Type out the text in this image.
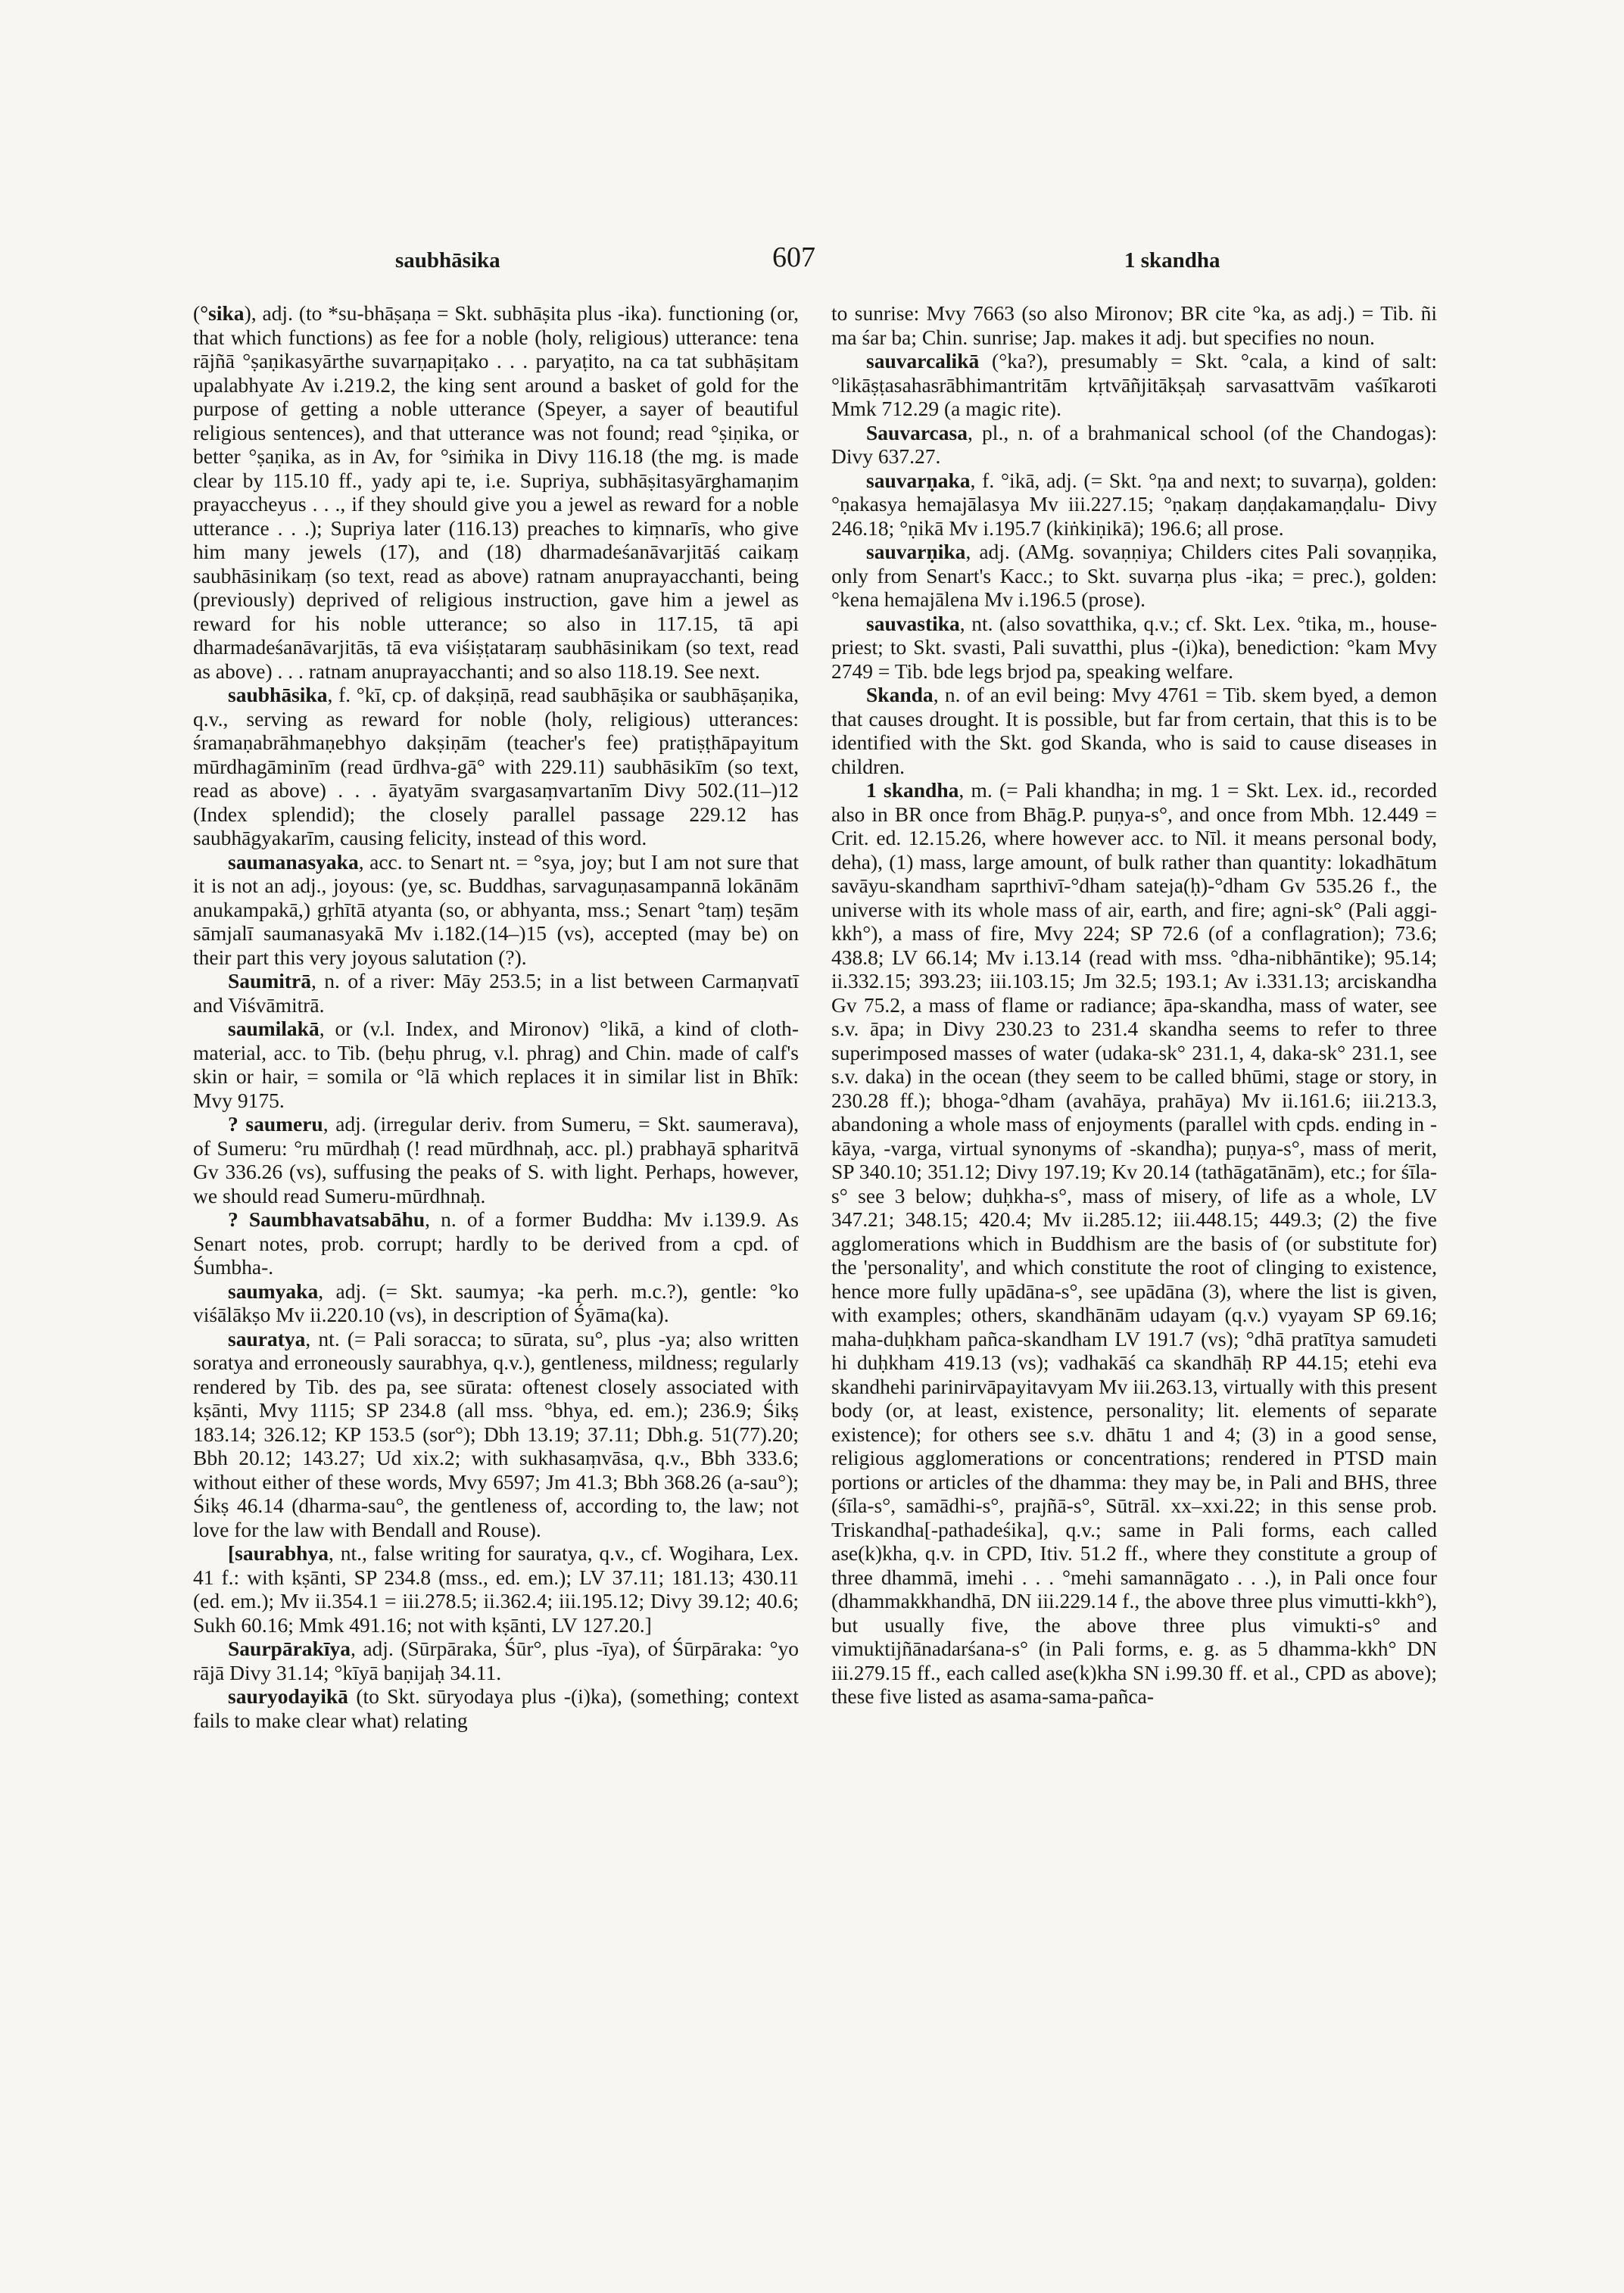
saubhāsika	607	1 skandha

(°sika), adj. (to *su-bhāṣaṇa = Skt. subhāṣita plus -ika). functioning (or, that which functions) as fee for a noble (holy, religious) utterance: tena rājñā °ṣaṇikasyārthe suvarṇapiṭako . . . paryaṭito, na ca tat subhāṣitam upalabhyate Av i.219.2, the king sent around a basket of gold for the purpose of getting a noble utterance (Speyer, a sayer of beautiful religious sentences), and that utterance was not found; read °ṣiṇika, or better °ṣaṇika, as in Av, for °siṁika in Divy 116.18 (the mg. is made clear by 115.10 ff., yady api te, i.e. Supriya, subhāṣitasyārghamaṇim prayaccheyus . . ., if they should give you a jewel as reward for a noble utterance . . .); Supriya later (116.13) preaches to kiṃnarīs, who give him many jewels (17), and (18) dharmadeśanāvarjitāś caikaṃ saubhāsinikaṃ (so text, read as above) ratnam anuprayacchanti, being (previously) deprived of religious instruction, gave him a jewel as reward for his noble utterance; so also in 117.15, tā api dharmadeśanāvarjitās, tā eva viśiṣṭataraṃ saubhāsinikam (so text, read as above) . . . ratnam anuprayacchanti; and so also 118.19. See next.

saubhāsika, f. °kī, cp. of dakṣiṇā, read saubhāṣika or saubhāṣaṇika, q.v., serving as reward for noble (holy, religious) utterances: śramaṇabrāhmaṇebhyo dakṣiṇām (teacher's fee) pratiṣṭhāpayitum mūrdhagāminīm (read ūrdhva-gā° with 229.11) saubhāsikīm (so text, read as above) . . . āyatyām svargasaṃvartanīm Divy 502.(11–)12 (Index splendid); the closely parallel passage 229.12 has saubhāgyakarīm, causing felicity, instead of this word.

saumanasyaka, acc. to Senart nt. = °sya, joy; but I am not sure that it is not an adj., joyous: (ye, sc. Buddhas, sarvaguṇasampannā lokānām anukampakā,) gṛhītā atyanta (so, or abhyanta, mss.; Senart °taṃ) teṣām sāmjalī saumanasyakā Mv i.182.(14–)15 (vs), accepted (may be) on their part this very joyous salutation (?).

Saumitrā, n. of a river: Māy 253.5; in a list between Carmaṇvatī and Viśvāmitrā.

saumilakā, or (v.l. Index, and Mironov) °likā, a kind of cloth-material, acc. to Tib. (beḥu phrug, v.l. phrag) and Chin. made of calf's skin or hair, = somila or °lā which replaces it in similar list in Bhīk: Mvy 9175.

? saumeru, adj. (irregular deriv. from Sumeru, = Skt. saumerava), of Sumeru: °ru mūrdhaḥ (! read mūrdhnaḥ, acc. pl.) prabhayā spharitvā Gv 336.26 (vs), suffusing the peaks of S. with light. Perhaps, however, we should read Sumeru-mūrdhnaḥ.

? Saumbhavatsabāhu, n. of a former Buddha: Mv i.139.9. As Senart notes, prob. corrupt; hardly to be derived from a cpd. of Śumbha-.

saumyaka, adj. (= Skt. saumya; -ka perh. m.c.?), gentle: °ko viśālākṣo Mv ii.220.10 (vs), in description of Śyāma(ka).

sauratya, nt. (= Pali soracca; to sūrata, su°, plus -ya; also written soratya and erroneously saurabhya, q.v.), gentleness, mildness; regularly rendered by Tib. des pa, see sūrata: oftenest closely associated with kṣānti, Mvy 1115; SP 234.8 (all mss. °bhya, ed. em.); 236.9; Śikṣ 183.14; 326.12; KP 153.5 (sor°); Dbh 13.19; 37.11; Dbh.g. 51(77).20; Bbh 20.12; 143.27; Ud xix.2; with sukhasaṃvāsa, q.v., Bbh 333.6; without either of these words, Mvy 6597; Jm 41.3; Bbh 368.26 (a-sau°); Śikṣ 46.14 (dharma-sau°, the gentleness of, according to, the law; not love for the law with Bendall and Rouse).

[saurabhya, nt., false writing for sauratya, q.v., cf. Wogihara, Lex. 41 f.: with kṣānti, SP 234.8 (mss., ed. em.); LV 37.11; 181.13; 430.11 (ed. em.); Mv ii.354.1 = iii.278.5; ii.362.4; iii.195.12; Divy 39.12; 40.6; Sukh 60.16; Mmk 491.16; not with kṣānti, LV 127.20.]

Saurpārakīya, adj. (Sūrpāraka, Śūr°, plus -īya), of Śūrpāraka: °yo rājā Divy 31.14; °kīyā baṇijaḥ 34.11.

sauryodayikā (to Skt. sūryodaya plus -(i)ka), (something; context fails to make clear what) relating

to sunrise: Mvy 7663 (so also Mironov; BR cite °ka, as adj.) = Tib. ñi ma śar ba; Chin. sunrise; Jap. makes it adj. but specifies no noun.

sauvarcalikā (°ka?), presumably = Skt. °cala, a kind of salt: °likāṣṭasahasrābhimantritām kṛtvāñjitākṣaḥ sarvasattvām vaśīkaroti Mmk 712.29 (a magic rite).

Sauvarcasa, pl., n. of a brahmanical school (of the Chandogas): Divy 637.27.

sauvarṇaka, f. °ikā, adj. (= Skt. °ṇa and next; to suvarṇa), golden: °ṇakasya hemajālasya Mv iii.227.15; °ṇakaṃ daṇḍakamaṇḍalu- Divy 246.18; °ṇikā Mv i.195.7 (kiṅkiṇikā); 196.6; all prose.

sauvarṇika, adj. (AMg. sovaṇṇiya; Childers cites Pali sovaṇṇika, only from Senart's Kacc.; to Skt. suvarṇa plus -ika; = prec.), golden: °kena hemajālena Mv i.196.5 (prose).

sauvastika, nt. (also sovatthika, q.v.; cf. Skt. Lex. °tika, m., house-priest; to Skt. svasti, Pali suvatthi, plus -(i)ka), benediction: °kam Mvy 2749 = Tib. bde legs brjod pa, speaking welfare.

Skanda, n. of an evil being: Mvy 4761 = Tib. skem byed, a demon that causes drought. It is possible, but far from certain, that this is to be identified with the Skt. god Skanda, who is said to cause diseases in children.

1 skandha, m. (= Pali khandha; in mg. 1 = Skt. Lex. id., recorded also in BR once from Bhāg.P. puṇya-s°, and once from Mbh. 12.449 = Crit. ed. 12.15.26, where however acc. to Nīl. it means personal body, deha), (1) mass, large amount, of bulk rather than quantity: lokadhātum savāyu-skandham saprthivī-°dham sateja(ḥ)-°dham Gv 535.26 f., the universe with its whole mass of air, earth, and fire; agni-sk° (Pali aggi-kkh°), a mass of fire, Mvy 224; SP 72.6 (of a conflagration); 73.6; 438.8; LV 66.14; Mv i.13.14 (read with mss. °dha-nibhāntike); 95.14; ii.332.15; 393.23; iii.103.15; Jm 32.5; 193.1; Av i.331.13; arciskandha Gv 75.2, a mass of flame or radiance; āpa-skandha, mass of water, see s.v. āpa; in Divy 230.23 to 231.4 skandha seems to refer to three superimposed masses of water (udaka-sk° 231.1, 4, daka-sk° 231.1, see s.v. daka) in the ocean (they seem to be called bhūmi, stage or story, in 230.28 ff.); bhoga-°dham (avahāya, prahāya) Mv ii.161.6; iii.213.3, abandoning a whole mass of enjoyments (parallel with cpds. ending in -kāya, -varga, virtual synonyms of -skandha); puṇya-s°, mass of merit, SP 340.10; 351.12; Divy 197.19; Kv 20.14 (tathāgatānām), etc.; for śīla-s° see 3 below; duḥkha-s°, mass of misery, of life as a whole, LV 347.21; 348.15; 420.4; Mv ii.285.12; iii.448.15; 449.3; (2) the five agglomerations which in Buddhism are the basis of (or substitute for) the 'personality', and which constitute the root of clinging to existence, hence more fully upādāna-s°, see upādāna (3), where the list is given, with examples; others, skandhānām udayam (q.v.) vyayam SP 69.16; maha-duḥkham pañca-skandham LV 191.7 (vs); °dhā pratītya samudeti hi duḥkham 419.13 (vs); vadhakāś ca skandhāḥ RP 44.15; etehi eva skandhehi parinirvāpayitavyam Mv iii.263.13, virtually with this present body (or, at least, existence, personality; lit. elements of separate existence); for others see s.v. dhātu 1 and 4; (3) in a good sense, religious agglomerations or concentrations; rendered in PTSD main portions or articles of the dhamma: they may be, in Pali and BHS, three (śīla-s°, samādhi-s°, prajñā-s°, Sūtrāl. xx–xxi.22; in this sense prob. Triskandha[-pathadeśika], q.v.; same in Pali forms, each called ase(k)kha, q.v. in CPD, Itiv. 51.2 ff., where they constitute a group of three dhammā, imehi . . . °mehi samannāgato . . .), in Pali once four (dhammakkhandhā, DN iii.229.14 f., the above three plus vimutti-kkh°), but usually five, the above three plus vimukti-s° and vimuktijñānadarśana-s° (in Pali forms, e. g. as 5 dhamma-kkh° DN iii.279.15 ff., each called ase(k)kha SN i.99.30 ff. et al., CPD as above); these five listed as asama-sama-pañca-
